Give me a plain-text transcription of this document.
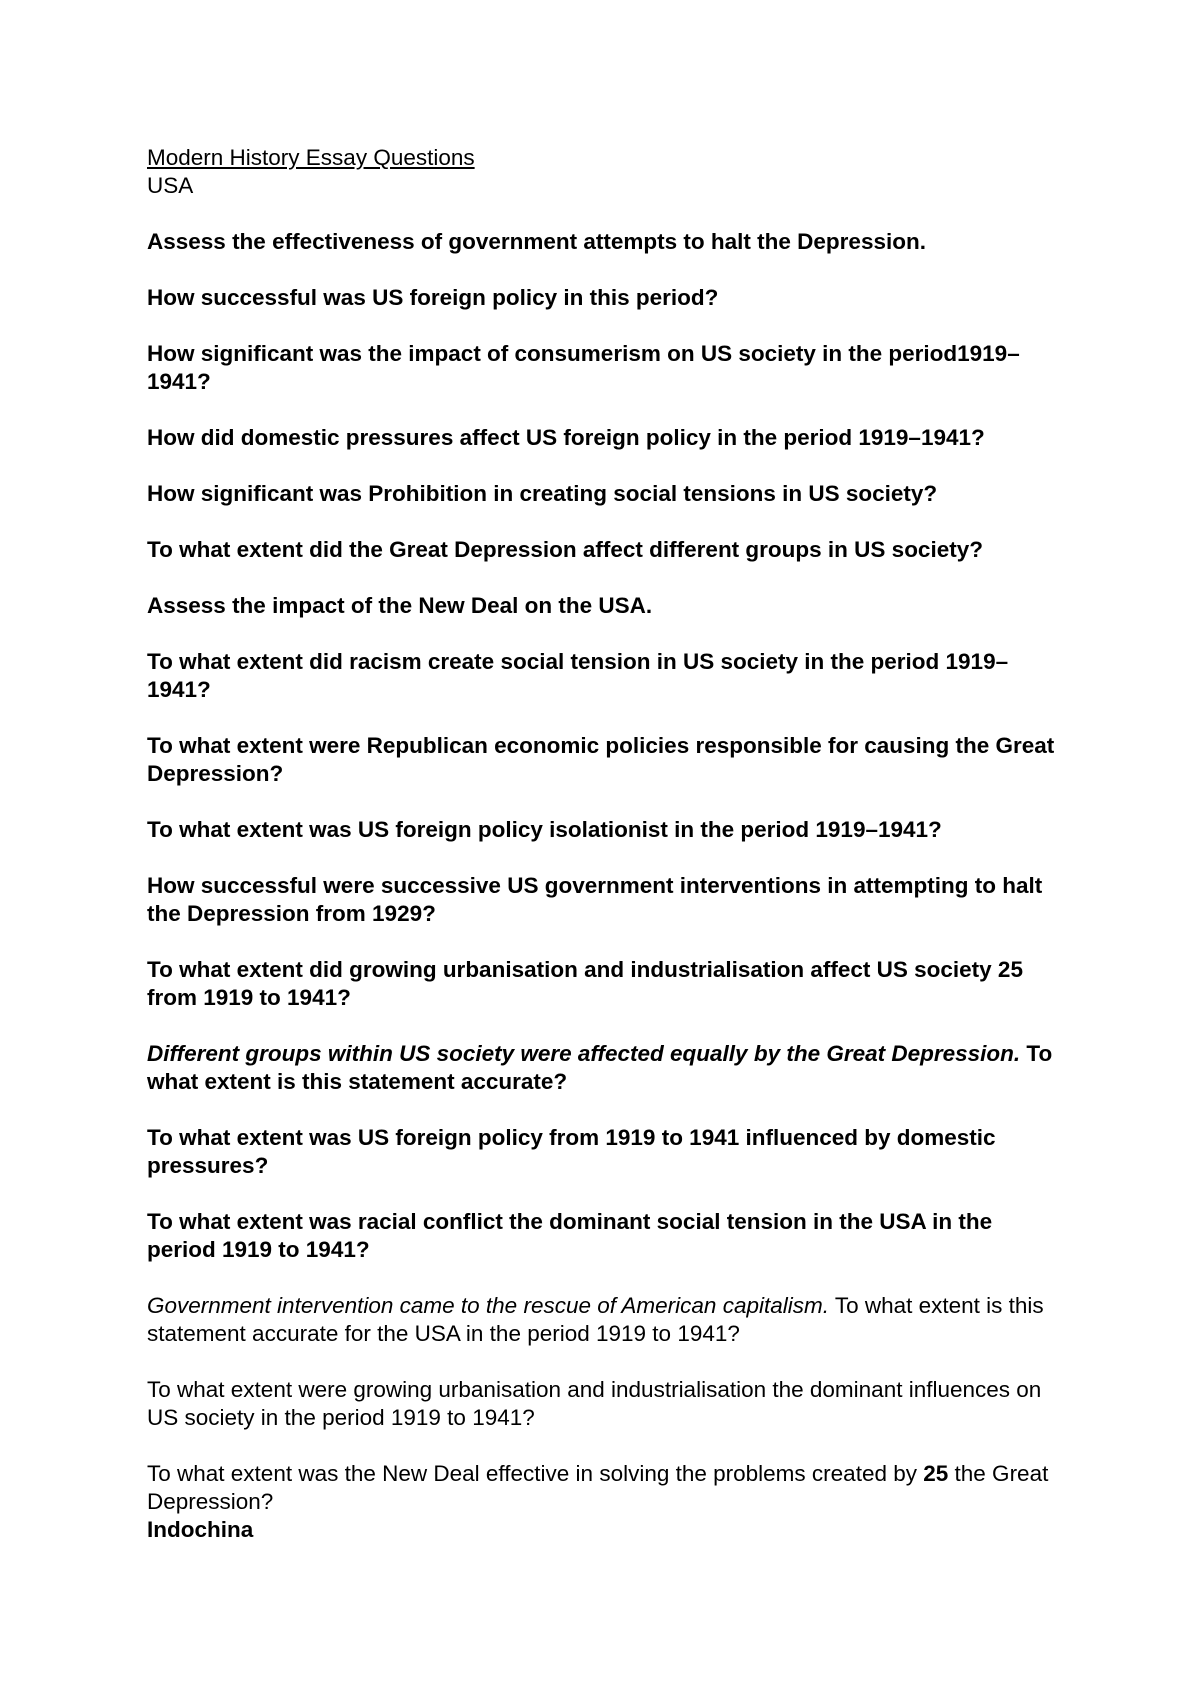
Modern History Essay Questions
USA

Assess the effectiveness of government attempts to halt the Depression.

How successful was US foreign policy in this period?

How significant was the impact of consumerism on US society in the period1919–1941?

How did domestic pressures affect US foreign policy in the period 1919–1941?

How significant was Prohibition in creating social tensions in US society?

To what extent did the Great Depression affect different groups in US society?

Assess the impact of the New Deal on the USA.

To what extent did racism create social tension in US society in the period 1919–1941?

To what extent were Republican economic policies responsible for causing the Great Depression?

To what extent was US foreign policy isolationist in the period 1919–1941?

How successful were successive US government interventions in attempting to halt the Depression from 1929?

To what extent did growing urbanisation and industrialisation affect US society 25 from 1919 to 1941?

Different groups within US society were affected equally by the Great Depression. To what extent is this statement accurate?

To what extent was US foreign policy from 1919 to 1941 influenced by domestic pressures?

To what extent was racial conflict the dominant social tension in the USA in the period 1919 to 1941?

Government intervention came to the rescue of American capitalism. To what extent is this statement accurate for the USA in the period 1919 to 1941?

To what extent were growing urbanisation and industrialisation the dominant influences on US society in the period 1919 to 1941?

To what extent was the New Deal effective in solving the problems created by 25 the Great Depression?

Indochina
